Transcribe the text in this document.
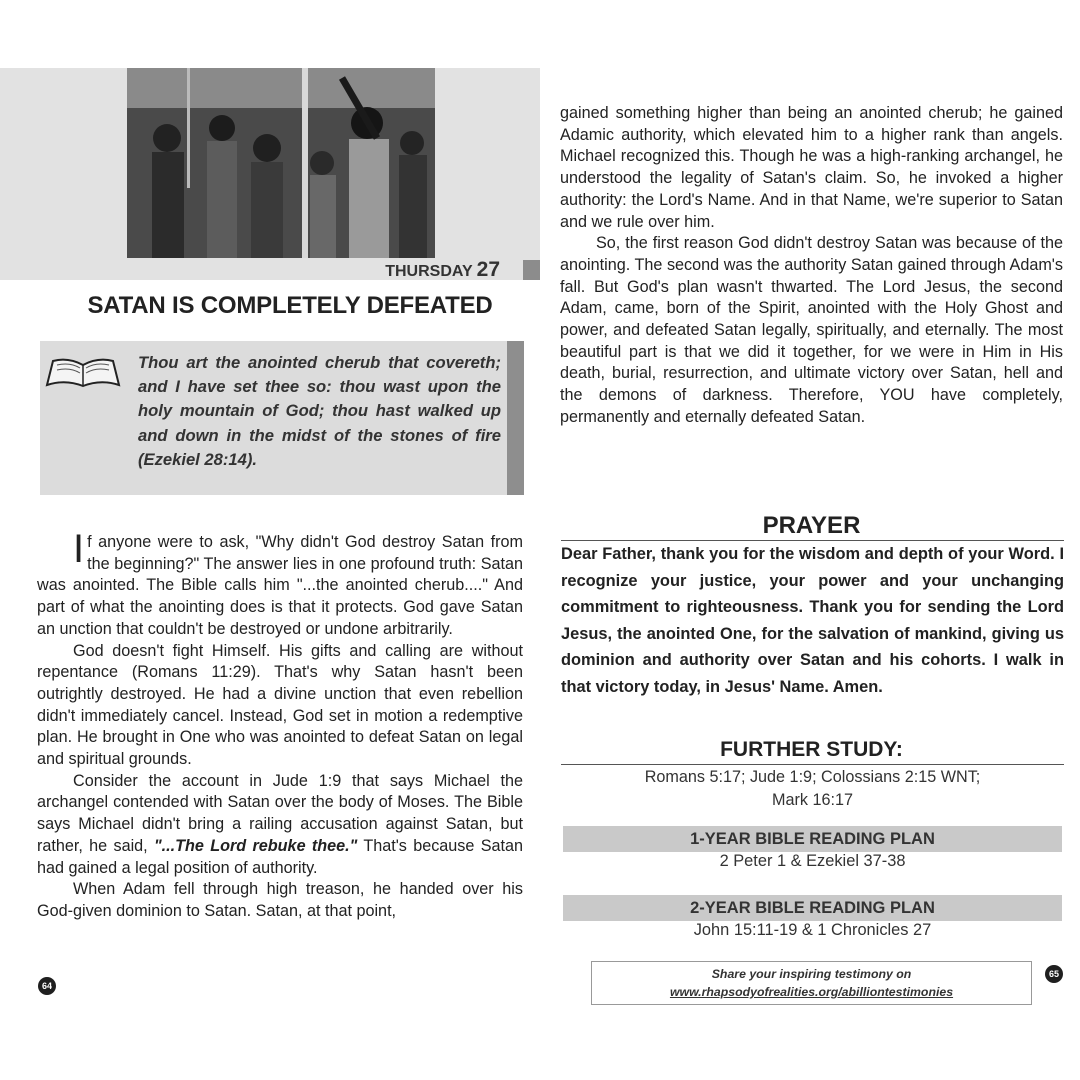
THURSDAY 27
SATAN IS COMPLETELY DEFEATED
Thou art the anointed cherub that covereth; and I have set thee so: thou wast upon the holy mountain of God; thou hast walked up and down in the midst of the stones of fire (Ezekiel 28:14).

If anyone were to ask, "Why didn't God destroy Satan from the beginning?" The answer lies in one profound truth: Satan was anointed. The Bible calls him "...the anointed cherub...." And part of what the anointing does is that it protects. God gave Satan an unction that couldn't be destroyed or undone arbitrarily.

God doesn't fight Himself. His gifts and calling are without repentance (Romans 11:29). That's why Satan hasn't been outrightly destroyed. He had a divine unction that even rebellion didn't immediately cancel. Instead, God set in motion a redemptive plan. He brought in One who was anointed to defeat Satan on legal and spiritual grounds.

Consider the account in Jude 1:9 that says Michael the archangel contended with Satan over the body of Moses. The Bible says Michael didn't bring a railing accusation against Satan, but rather, he said, "...The Lord rebuke thee." That's because Satan had gained a legal position of authority.

When Adam fell through high treason, he handed over his God-given dominion to Satan. Satan, at that point,

64

gained something higher than being an anointed cherub; he gained Adamic authority, which elevated him to a higher rank than angels. Michael recognized this. Though he was a high-ranking archangel, he understood the legality of Satan's claim. So, he invoked a higher authority: the Lord's Name. And in that Name, we're superior to Satan and we rule over him.

So, the first reason God didn't destroy Satan was because of the anointing. The second was the authority Satan gained through Adam's fall. But God's plan wasn't thwarted. The Lord Jesus, the second Adam, came, born of the Spirit, anointed with the Holy Ghost and power, and defeated Satan legally, spiritually, and eternally. The most beautiful part is that we did it together, for we were in Him in His death, burial, resurrection, and ultimate victory over Satan, hell and the demons of darkness. Therefore, YOU have completely, permanently and eternally defeated Satan.

PRAYER
Dear Father, thank you for the wisdom and depth of your Word. I recognize your justice, your power and your unchanging commitment to righteousness. Thank you for sending the Lord Jesus, the anointed One, for the salvation of mankind, giving us dominion and authority over Satan and his cohorts. I walk in that victory today, in Jesus' Name. Amen.
FURTHER STUDY:
Romans 5:17; Jude 1:9; Colossians 2:15 WNT;
Mark 16:17
1-YEAR BIBLE READING PLAN
2 Peter 1 & Ezekiel 37-38
2-YEAR BIBLE READING PLAN
John 15:11-19 & 1 Chronicles 27
Share your inspiring testimony on
www.rhapsodyofrealities.org/abilliontestimonies
65
